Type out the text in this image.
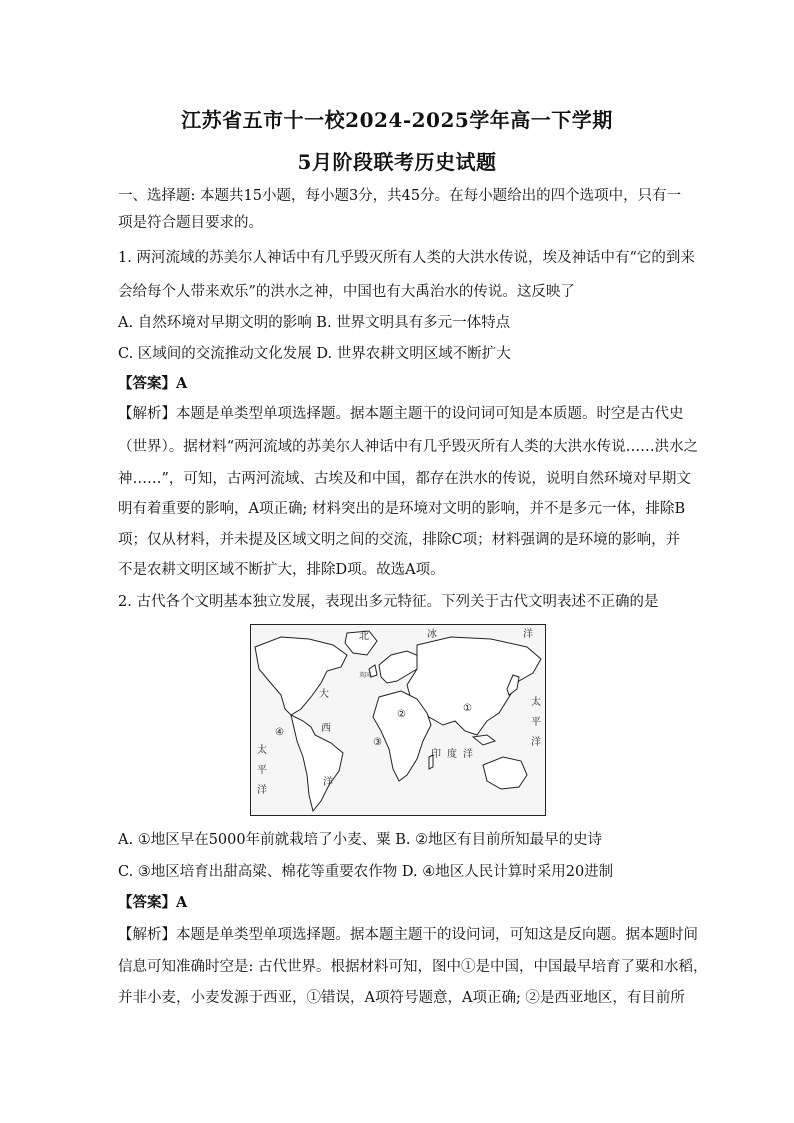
江苏省五市十一校2024-2025学年高一下学期
5月阶段联考历史试题
一、选择题: 本题共15小题，每小题3分，共45分。在每小题给出的四个选项中，只有一
项是符合题目要求的。
1. 两河流域的苏美尔人神话中有几乎毁灭所有人类的大洪水传说，埃及神话中有“它的到来
会给每个人带来欢乐”的洪水之神，中国也有大禹治水的传说。这反映了
A. 自然环境对早期文明的影响 B. 世界文明具有多元一体特点
C. 区域间的交流推动文化发展 D. 世界农耕文明区域不断扩大
【答案】A
【解析】本题是单类型单项选择题。据本题主题干的设问词可知是本质题。时空是古代史
（世界）。据材料“两河流域的苏美尔人神话中有几乎毁灭所有人类的大洪水传说……洪水之
神……”，可知，古两河流域、古埃及和中国，都存在洪水的传说，说明自然环境对早期文
明有着重要的影响，A项正确; 材料突出的是环境对文明的影响，并不是多元一体，排除B
项；仅从材料，并未提及区域文明之间的交流，排除C项；材料强调的是环境的影响，并
不是农耕文明区域不断扩大，排除D项。故选A项。
2. 古代各个文明基本独立发展，表现出多元特征。下列关于古代文明表述不正确的是
北	冰	洋
英国
大
西
洋
太
平
洋
太
平
洋
印 度 洋
①
②
③
④
A. ①地区早在5000年前就栽培了小麦、粟 B. ②地区有目前所知最早的史诗
C. ③地区培育出甜高粱、棉花等重要农作物 D. ④地区人民计算时采用20进制
【答案】A
【解析】本题是单类型单项选择题。据本题主题干的设问词，可知这是反向题。据本题时间
信息可知准确时空是: 古代世界。根据材料可知，图中①是中国，中国最早培育了粟和水稻，
并非小麦，小麦发源于西亚，①错误，A项符号题意，A项正确; ②是西亚地区，有目前所
